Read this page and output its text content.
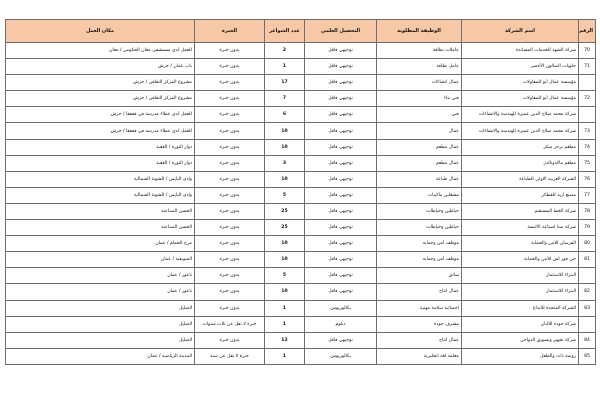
الرقم	اسم الشركة	الوظيفة المطلوبة	التحصيل العلمي	عدد الشواغر	الخبرة	مكان العمل
70	شركة الشهد للخدمات المساندة	عاملات نظافة	توجيهي فاقل	2	بدون خبرة	للعمل لدى مستشفى معان الحكومي / معان
71	حلويات الصالون الأخضر	عامل نظافة	توجيهي فاقل	1	بدون خبرة	باب عمان / جرش
	مؤسسة عمال ابو للمقاولات	عمال انشاءات	توجيهي فاقل	17	بدون خبرة	مشروع المركز الثقافي / جرش
72	مؤسسة عمال ابو للمقاولات	فني بناء	توجيهي فاقل	7	بدون خبرة	مشروع المركز الثقافي / جرش
	شركة محمد صلاح الدين عميرة للهندسة والانشاءات	فني	توجيهي فاقل	6	بدون خبرة	للعمل لدى عطاء مدرسة في قفقفا / جرش
73	شركة محمد صلاح الدين عميرة للهندسة والانشاءات	عمال	توجيهي فاقل	10	بدون خبرة	للعمل لدى عطاء مدرسة في قفقفا / جرش
74	مطعم برجر ميكر	عمال مطعم	توجيهي فاقل	10	بدون خبرة	دوار الثورة / العقبة
75	مطعم ماكدونالدز	عمال مطعم	توجيهي فاقل	3	بدون خبرة	دوار الثورة / العقبة
76	الشركة العربية الاولى للطباعة	عمال طباعة	توجيهي فاقل	10	بدون خبرة	وادي اليابس / الشونة الشمالية
77	مصنع اربد للقطائر	مشغلين ماكينات	توجيهي فاقل	5	بدون خبرة	وادي اليابس / الشونة الشمالية
78	شركة الخط المستقيم	خياطين وخياطات	توجيهي فاقل	25	بدون خبرة	الحسن الصناعية
79	شركة ستا لصناعة الالبسة	خياطين وخياطات	توجيهي فاقل	25	بدون خبرة	الحسن الصناعية
80	الفرسان للامن والحماية	موظف امن وحماية	توجيهي فاقل	10	بدون خبرة	مرج الحمام / عمان
81	جي فور اس للامن والحماية	موظف امن وحماية	توجيهي فاقل	10	بدون خبرة	الصويفية / عمان
	البتراء للاستثمار	سائق	توجيهي فاقل	5	بدون خبرة	ناعور / عمان
82	البتراء للاستثمار	عمال انتاج	توجيهي فاقل	10	بدون خبرة	ناعور / عمان
83	الشركة المتحدة للابداع	اخصائية سلامة مهنية	بكالوريوس	1	بدون خبرة	الضليل
	شركة جودة للالبان	مشرف جودة	دبلوم	1	خبرة لا تقل عن ثلاث سنوات	الضليل
84	شركة تجهيز وتسويق الدواجن	عمال انتاج	توجيهي فاقل	12	بدون خبرة	الضليل
85	روضة ذات والطفل	معلمة لغة انجليزية	بكالوريوس	1	خبرة لا تقل عن سنة	المدينة الرياضية / عمان
